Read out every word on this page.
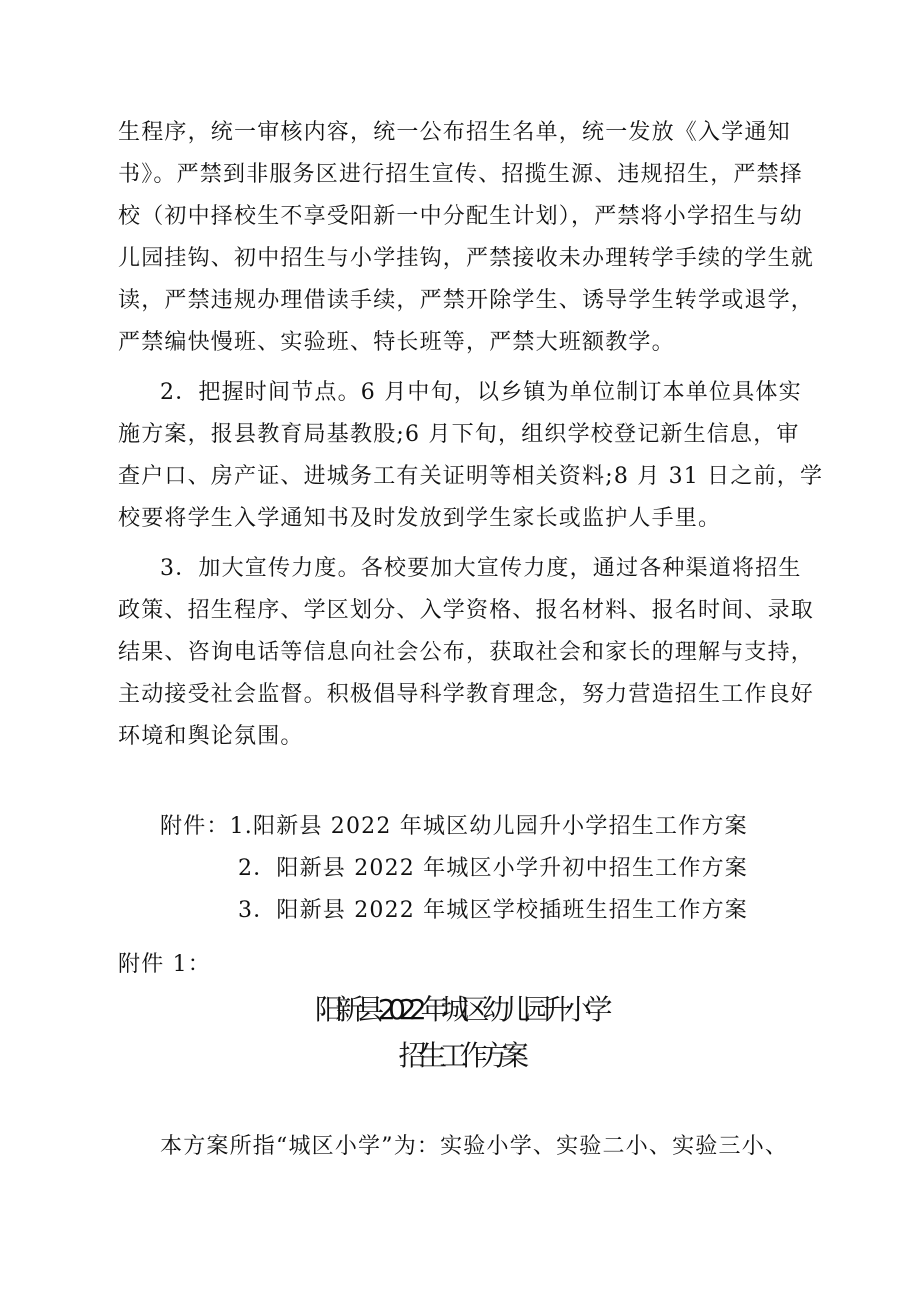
生程序，统一审核内容，统一公布招生名单，统一发放《入学通知
书》。严禁到非服务区进行招生宣传、招揽生源、违规招生，严禁择
校（初中择校生不享受阳新一中分配生计划），严禁将小学招生与幼
儿园挂钩、初中招生与小学挂钩，严禁接收未办理转学手续的学生就
读，严禁违规办理借读手续，严禁开除学生、诱导学生转学或退学，
严禁编快慢班、实验班、特长班等，严禁大班额教学。
2．把握时间节点。6 月中旬，以乡镇为单位制订本单位具体实
施方案，报县教育局基教股;6 月下旬，组织学校登记新生信息，审
查户口、房产证、进城务工有关证明等相关资料;8 月 31 日之前，学
校要将学生入学通知书及时发放到学生家长或监护人手里。
3．加大宣传力度。各校要加大宣传力度，通过各种渠道将招生
政策、招生程序、学区划分、入学资格、报名材料、报名时间、录取
结果、咨询电话等信息向社会公布，获取社会和家长的理解与支持，
主动接受社会监督。积极倡导科学教育理念，努力营造招生工作良好
环境和舆论氛围。
附件：1.阳新县 2022 年城区幼儿园升小学招生工作方案
2．阳新县 2022 年城区小学升初中招生工作方案
3．阳新县 2022 年城区学校插班生招生工作方案
附件 1：
阳新县 2022 年城区幼儿园升小学
招生工作方案
本方案所指“城区小学”为：实验小学、实验二小、实验三小、
